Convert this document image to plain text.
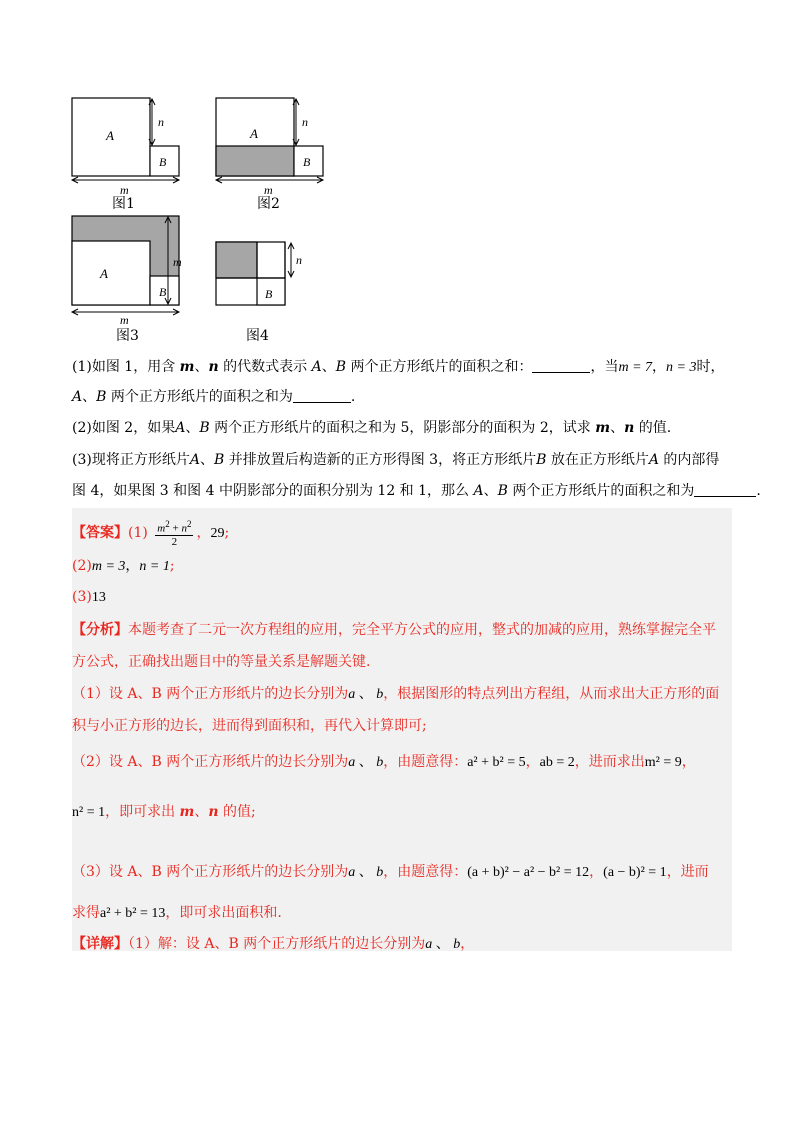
A
B
n
m
图1
A
B
n
m
图2
A
B
m
m
图3
n
B
图4
(1)如图 1，用含 m、n 的代数式表示 A、B 两个正方形纸片的面积之和：	，当m = 7，n = 3时，
A、B 两个正方形纸片的面积之和为	.
(2)如图 2，如果A、B 两个正方形纸片的面积之和为 5，阴影部分的面积为 2，试求 m、n 的值.
(3)现将正方形纸片A、B 并排放置后构造新的正方形得图 3，将正方形纸片B 放在正方形纸片A 的内部得
图 4，如果图 3 和图 4 中阴影部分的面积分别为 12 和 1，那么 A、B 两个正方形纸片的面积之和为	.
【答案】$(1) \frac{m^2 + n^2}{2}$ ，29;
(2)m = 3，n = 1;
(3)13
【分析】本题考查了二元一次方程组的应用，完全平方公式的应用，整式的加减的应用，熟练掌握完全平
方公式，正确找出题目中的等量关系是解题关键.
（1）设 A、B 两个正方形纸片的边长分别为a 、 b，根据图形的特点列出方程组，从而求出大正方形的面
积与小正方形的边长，进而得到面积和，再代入计算即可;
（2）设 A、B 两个正方形纸片的边长分别为a 、 b，由题意得：a² + b² = 5，ab = 2，进而求出m² = 9，
n² = 1，即可求出 m、n 的值;
（3）设 A、B 两个正方形纸片的边长分别为a 、 b，由题意得：(a + b)² − a² − b² = 12，(a − b)² = 1，进而
求得a² + b² = 13，即可求出面积和.
【详解】（1）解：设 A、B 两个正方形纸片的边长分别为a 、 b，
